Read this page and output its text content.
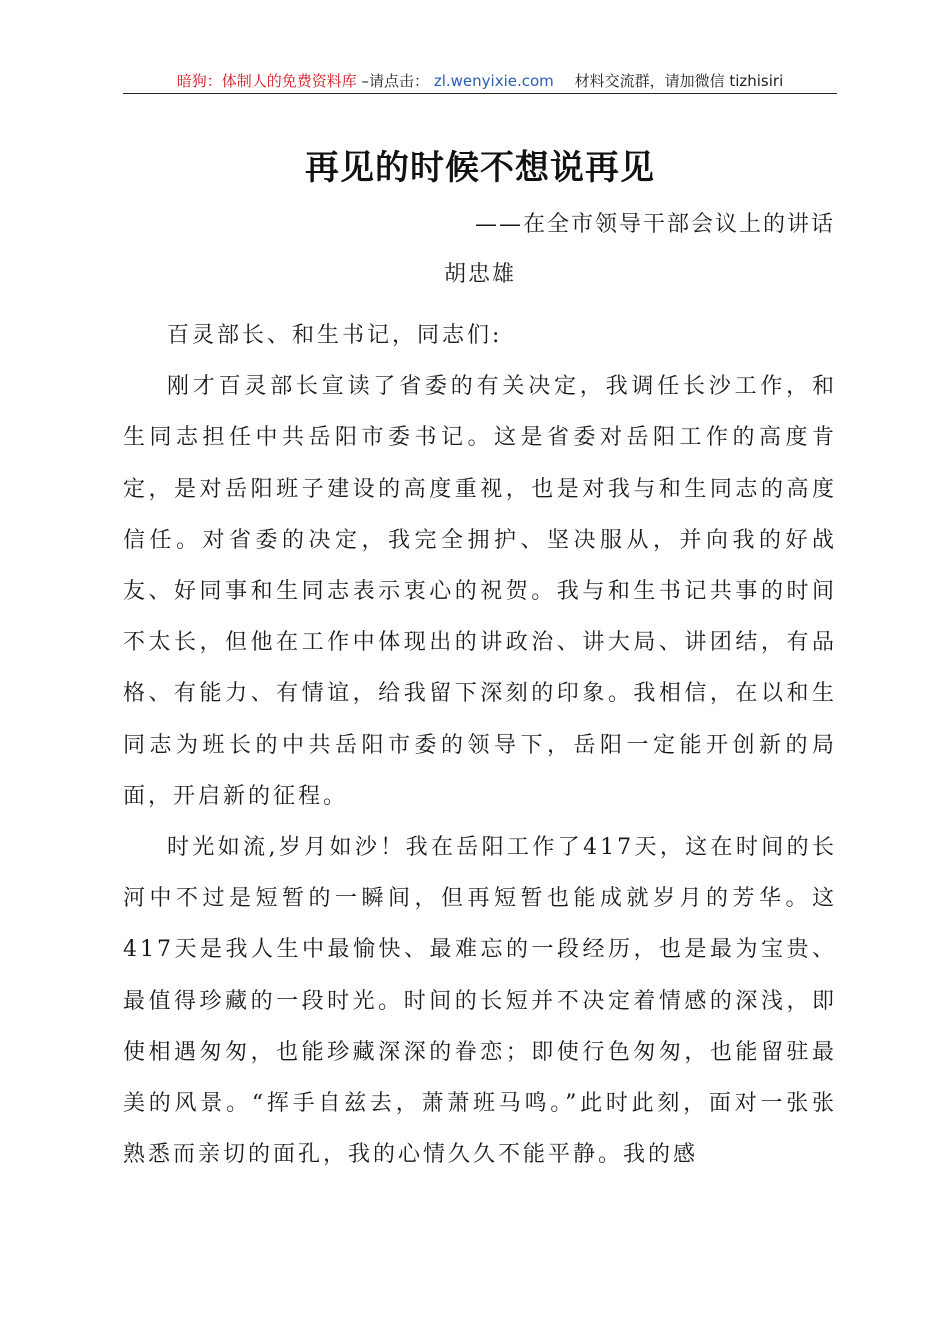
暗狗：体制人的免费资料库 –请点击： zl.wenyixie.com 材料交流群，请加微信 tizhisiri
再见的时候不想说再见
——在全市领导干部会议上的讲话
胡忠雄

百灵部长、和生书记，同志们:

刚才百灵部长宣读了省委的有关决定，我调任长沙工作，和生同志担任中共岳阳市委书记。这是省委对岳阳工作的高度肯定，是对岳阳班子建设的高度重视，也是对我与和生同志的高度信任。对省委的决定，我完全拥护、坚决服从，并向我的好战友、好同事和生同志表示衷心的祝贺。我与和生书记共事的时间不太长，但他在工作中体现出的讲政治、讲大局、讲团结，有品格、有能力、有情谊，给我留下深刻的印象。我相信，在以和生同志为班长的中共岳阳市委的领导下，岳阳一定能开创新的局面，开启新的征程。

时光如流,岁月如沙！我在岳阳工作了417天，这在时间的长河中不过是短暂的一瞬间，但再短暂也能成就岁月的芳华。这417天是我人生中最愉快、最难忘的一段经历，也是最为宝贵、最值得珍藏的一段时光。时间的长短并不决定着情感的深浅，即使相遇匆匆，也能珍藏深深的眷恋；即使行色匆匆，也能留驻最美的风景。“挥手自兹去，萧萧班马鸣。”此时此刻，面对一张张熟悉而亲切的面孔，我的心情久久不能平静。我的感
